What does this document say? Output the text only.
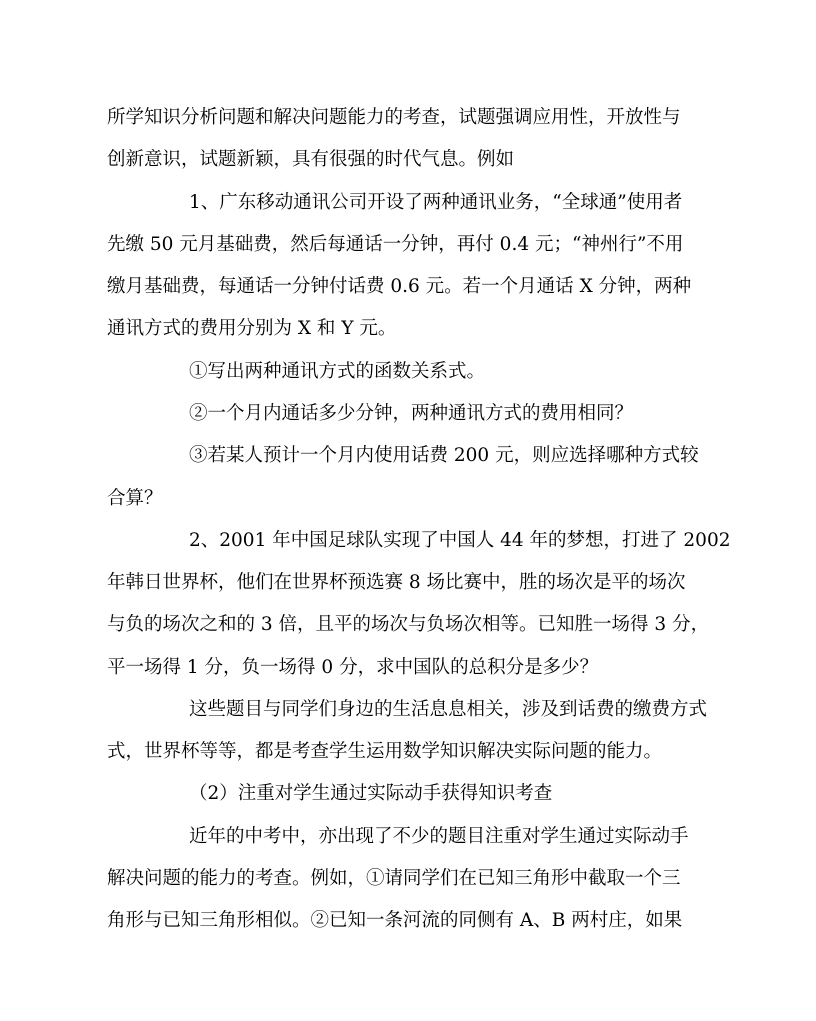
所学知识分析问题和解决问题能力的考查，试题强调应用性，开放性与
创新意识，试题新颖，具有很强的时代气息。例如
1、广东移动通讯公司开设了两种通讯业务，“全球通”使用者
先缴 50 元月基础费，然后每通话一分钟，再付 0.4 元；“神州行”不用
缴月基础费，每通话一分钟付话费 0.6 元。若一个月通话 X 分钟，两种
通讯方式的费用分别为 X 和 Y 元。
①写出两种通讯方式的函数关系式。
②一个月内通话多少分钟，两种通讯方式的费用相同？
③若某人预计一个月内使用话费 200 元，则应选择哪种方式较
合算？
2、2001 年中国足球队实现了中国人 44 年的梦想，打进了 2002
年韩日世界杯，他们在世界杯预选赛 8 场比赛中，胜的场次是平的场次
与负的场次之和的 3 倍，且平的场次与负场次相等。已知胜一场得 3 分，
平一场得 1 分，负一场得 0 分，求中国队的总积分是多少？
这些题目与同学们身边的生活息息相关，涉及到话费的缴费方式
式，世界杯等等，都是考查学生运用数学知识解决实际问题的能力。
（2）注重对学生通过实际动手获得知识考查
近年的中考中，亦出现了不少的题目注重对学生通过实际动手
解决问题的能力的考查。例如，①请同学们在已知三角形中截取一个三
角形与已知三角形相似。②已知一条河流的同侧有 A、B 两村庄，如果
